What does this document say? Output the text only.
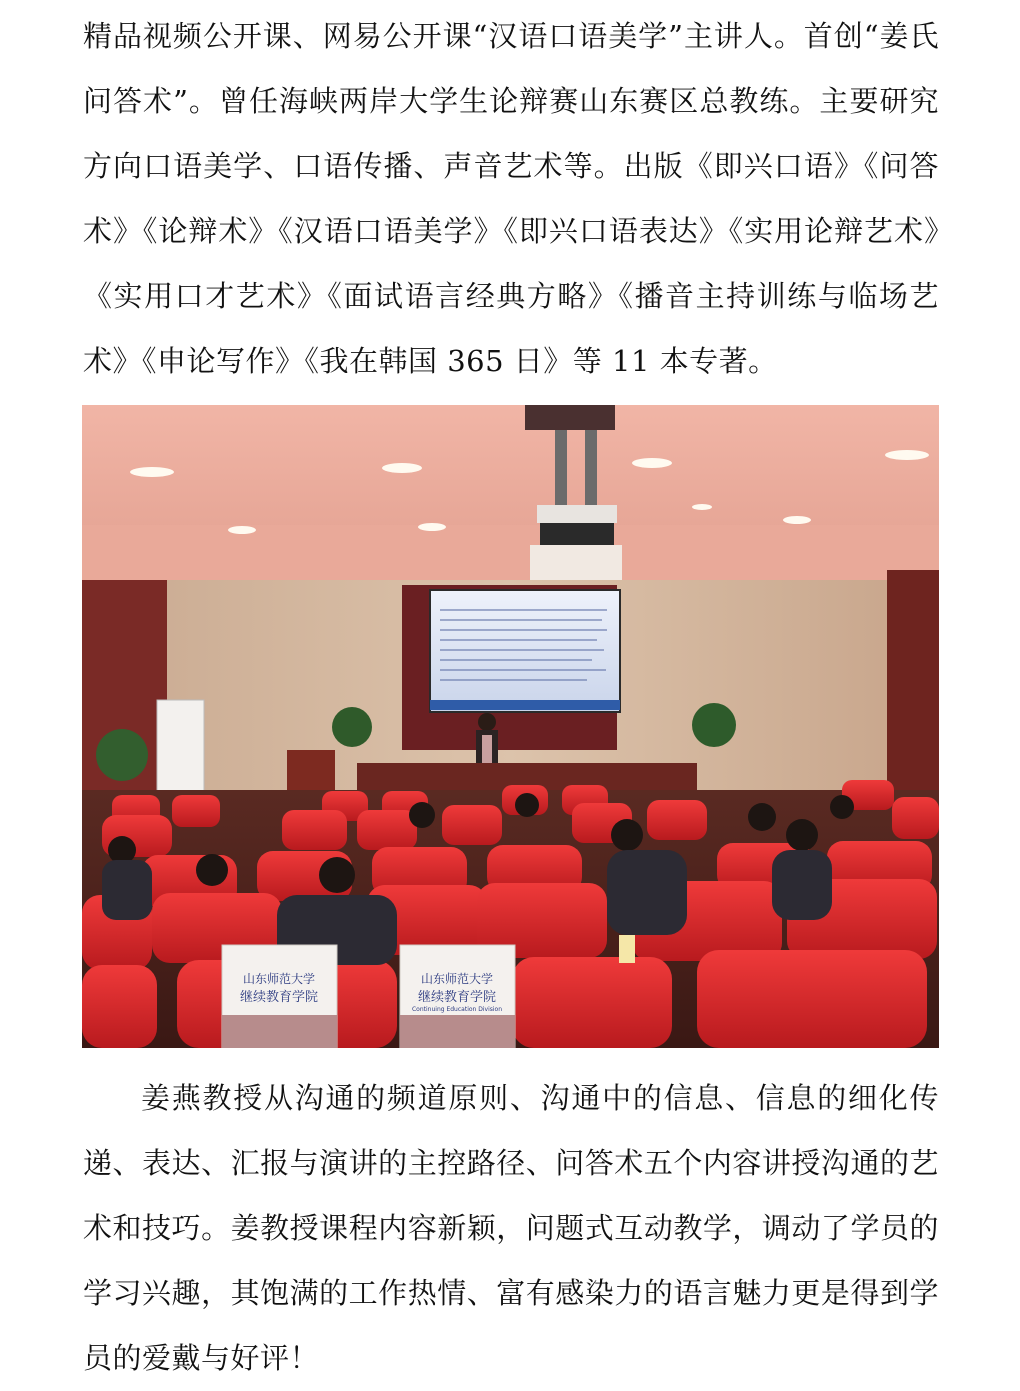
精品视频公开课、网易公开课“汉语口语美学”主讲人。首创“姜氏问答术”。曾任海峡两岸大学生论辩赛山东赛区总教练。主要研究方向口语美学、口语传播、声音艺术等。出版《即兴口语》《问答术》《论辩术》《汉语口语美学》《即兴口语表达》《实用论辩艺术》《实用口才艺术》《面试语言经典方略》《播音主持训练与临场艺术》《申论写作》《我在韩国 365 日》等 11 本专著。

山东师范大学
继续教育学院
山东师范大学
继续教育学院
Continuing Education Division

姜燕教授从沟通的频道原则、沟通中的信息、信息的细化传递、表达、汇报与演讲的主控路径、问答术五个内容讲授沟通的艺术和技巧。姜教授课程内容新颖，问题式互动教学，调动了学员的学习兴趣，其饱满的工作热情、富有感染力的语言魅力更是得到学员的爱戴与好评！
